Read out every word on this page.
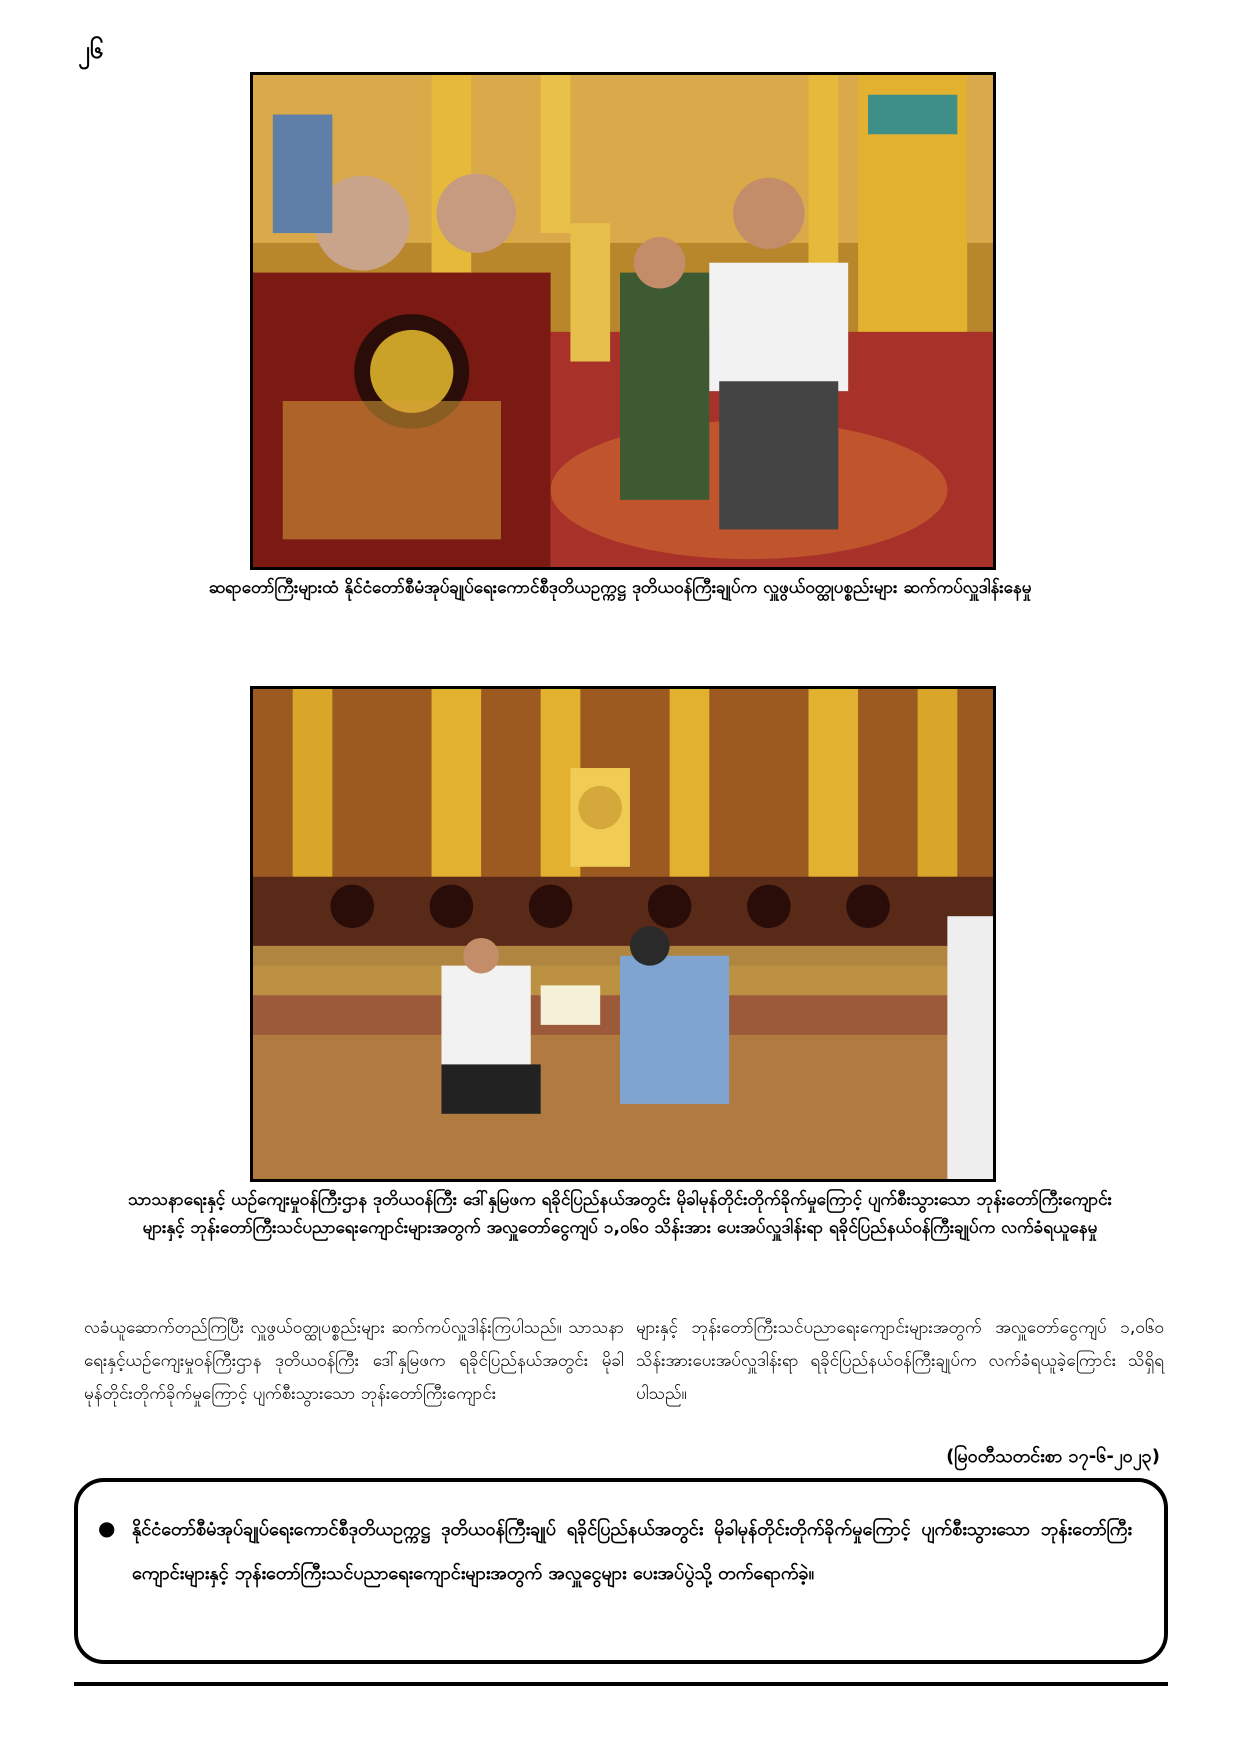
၂၆
ဆရာတော်ကြီးများထံ နိုင်ငံတော်စီမံအုပ်ချုပ်ရေးကောင်စီဒုတိယဥက္ကဋ္ဌ ဒုတိယဝန်ကြီးချုပ်က လှူဖွယ်ဝတ္ထုပစ္စည်းများ ဆက်ကပ်လှူဒါန်းနေမှု
သာသနာရေးနှင့် ယဉ်ကျေးမှုဝန်ကြီးဌာန ဒုတိယဝန်ကြီး ဒေါ်နှမြဖက ရခိုင်ပြည်နယ်အတွင်း မိုခါမုန်တိုင်းတိုက်ခိုက်မှုကြောင့် ပျက်စီးသွားသော ဘုန်းတော်ကြီးကျောင်းများနှင့် ဘုန်းတော်ကြီးသင်ပညာရေးကျောင်းများအတွက် အလှူတော်ငွေကျပ် ၁,၀၆၀ သိန်းအား ပေးအပ်လှူဒါန်းရာ ရခိုင်ပြည်နယ်ဝန်ကြီးချုပ်က လက်ခံရယူနေမှု
လခံယူဆောက်တည်ကြပြီး လှူဖွယ်ဝတ္ထုပစ္စည်းများ ဆက်ကပ်လှူဒါန်းကြပါသည်။ သာသနာရေးနှင့်ယဉ်ကျေးမှုဝန်ကြီးဌာန ဒုတိယဝန်ကြီး ဒေါ်နှမြဖက ရခိုင်ပြည်နယ်အတွင်း မိုခါမုန်တိုင်းတိုက်ခိုက်မှုကြောင့် ပျက်စီးသွားသော ဘုန်းတော်ကြီးကျောင်း
များနှင့် ဘုန်းတော်ကြီးသင်ပညာရေးကျောင်းများအတွက် အလှူတော်ငွေကျပ် ၁,၀၆၀ သိန်းအားပေးအပ်လှူဒါန်းရာ ရခိုင်ပြည်နယ်ဝန်ကြီးချုပ်က လက်ခံရယူခဲ့ကြောင်း သိရှိရပါသည်။
(မြဝတီသတင်းစာ ၁၇-၆-၂၀၂၃)
● နိုင်ငံတော်စီမံအုပ်ချုပ်ရေးကောင်စီဒုတိယဥက္ကဋ္ဌ ဒုတိယဝန်ကြီးချုပ် ရခိုင်ပြည်နယ်အတွင်း မိုခါမုန်တိုင်းတိုက်ခိုက်မှုကြောင့် ပျက်စီးသွားသော ဘုန်းတော်ကြီးကျောင်းများနှင့် ဘုန်းတော်ကြီးသင်ပညာရေးကျောင်းများအတွက် အလှူငွေများ ပေးအပ်ပွဲသို့ တက်ရောက်ခဲ့။
